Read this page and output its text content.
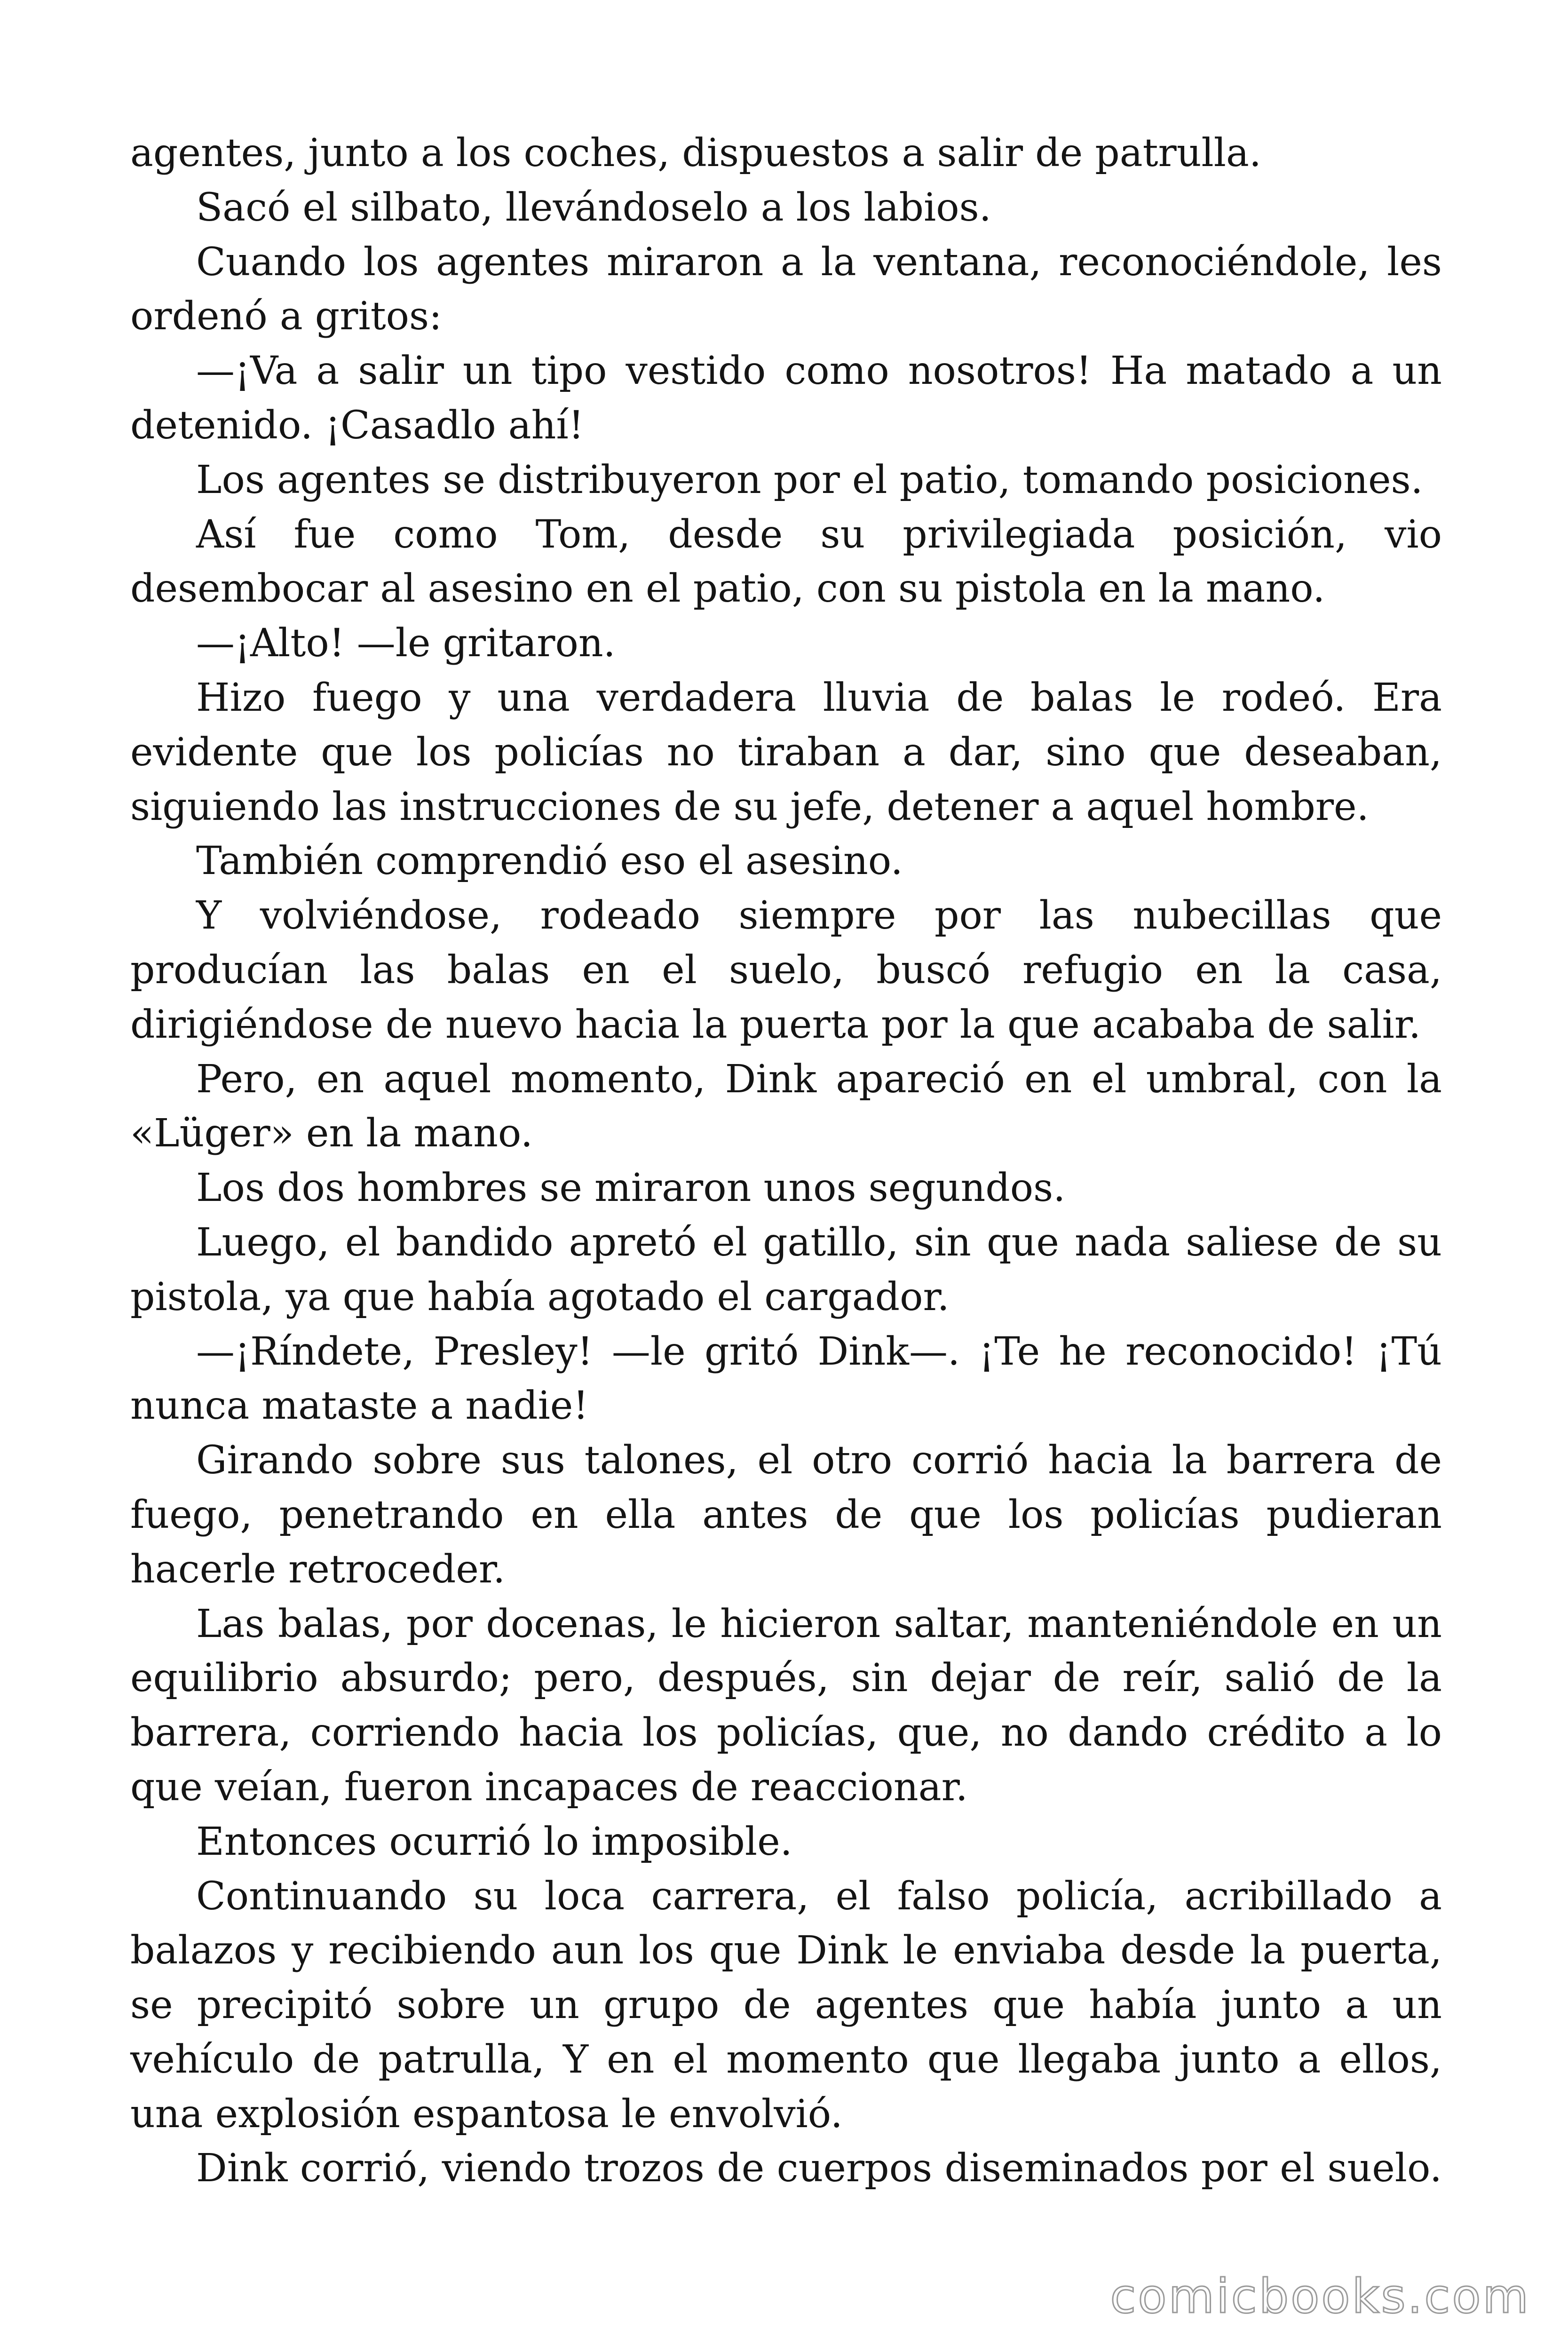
agentes, junto a los coches, dispuestos a salir de patrulla.

Sacó el silbato, llevándoselo a los labios.

Cuando los agentes miraron a la ventana, reconociéndole, les ordenó a gritos:

—¡Va a salir un tipo vestido como nosotros! Ha matado a un detenido. ¡Casadlo ahí!

Los agentes se distribuyeron por el patio, tomando posiciones.

Así fue como Tom, desde su privilegiada posición, vio desembocar al asesino en el patio, con su pistola en la mano.

—¡Alto! —le gritaron.

Hizo fuego y una verdadera lluvia de balas le rodeó. Era evidente que los policías no tiraban a dar, sino que deseaban, siguiendo las instrucciones de su jefe, detener a aquel hombre.

También comprendió eso el asesino.

Y volviéndose, rodeado siempre por las nubecillas que producían las balas en el suelo, buscó refugio en la casa, dirigiéndose de nuevo hacia la puerta por la que acababa de salir.

Pero, en aquel momento, Dink apareció en el umbral, con la «Lüger» en la mano.

Los dos hombres se miraron unos segundos.

Luego, el bandido apretó el gatillo, sin que nada saliese de su pistola, ya que había agotado el cargador.

—¡Ríndete, Presley! —le gritó Dink—. ¡Te he reconocido! ¡Tú nunca mataste a nadie!

Girando sobre sus talones, el otro corrió hacia la barrera de fuego, penetrando en ella antes de que los policías pudieran hacerle retroceder.

Las balas, por docenas, le hicieron saltar, manteniéndole en un equilibrio absurdo; pero, después, sin dejar de reír, salió de la barrera, corriendo hacia los policías, que, no dando crédito a lo que veían, fueron incapaces de reaccionar.

Entonces ocurrió lo imposible.

Continuando su loca carrera, el falso policía, acribillado a balazos y recibiendo aun los que Dink le enviaba desde la puerta, se precipitó sobre un grupo de agentes que había junto a un vehículo de patrulla, Y en el momento que llegaba junto a ellos, una explosión espantosa le envolvió.

Dink corrió, viendo trozos de cuerpos diseminados por el suelo.

comicbooks.com
